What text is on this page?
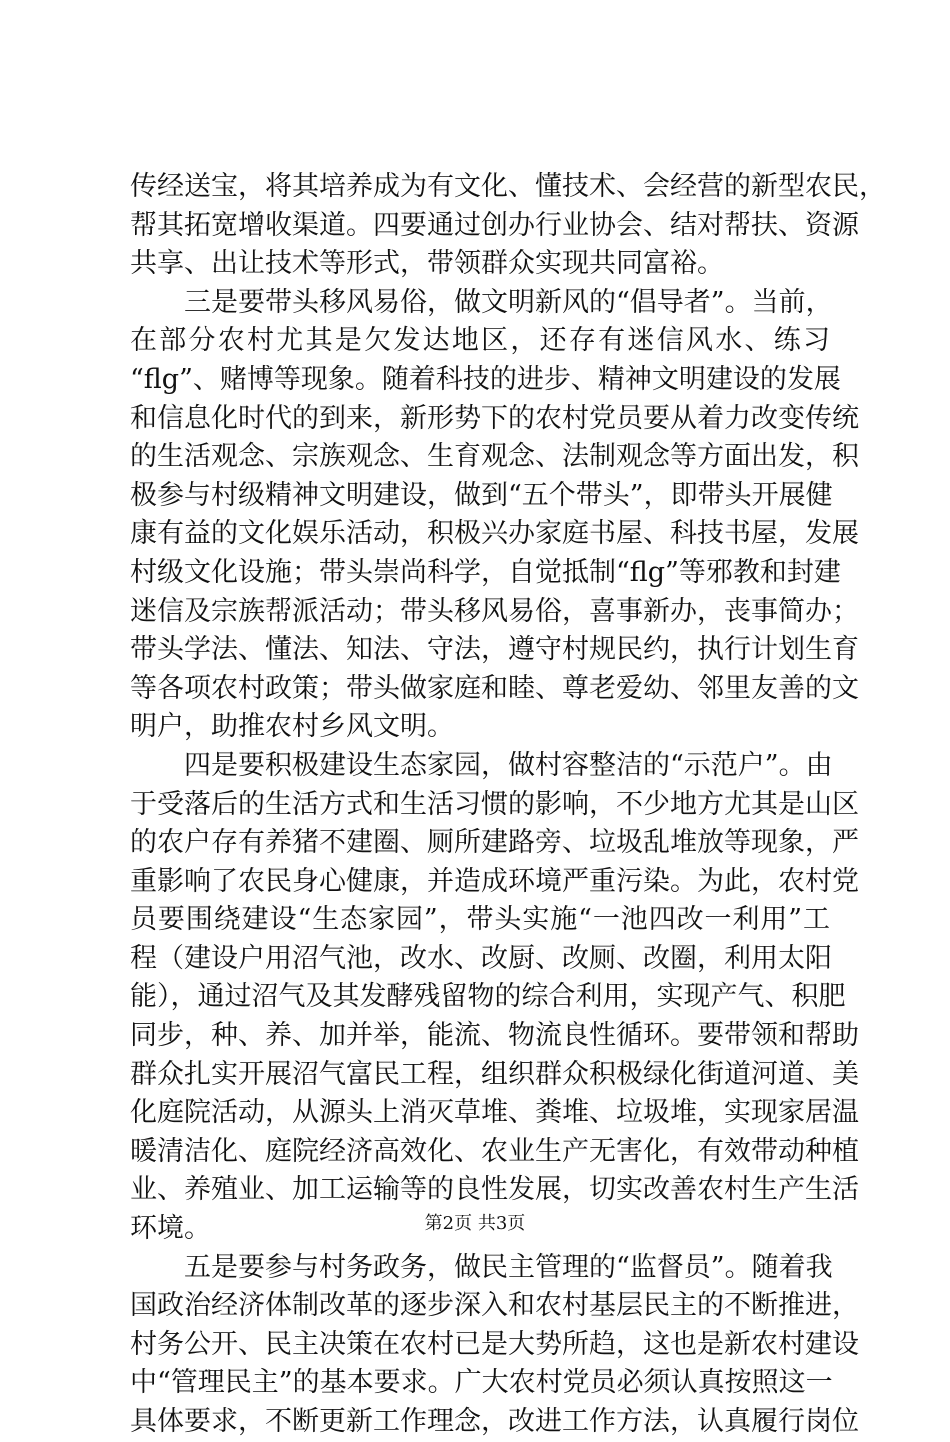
传经送宝，将其培养成为有文化、懂技术、会经营的新型农民，
帮其拓宽增收渠道。四要通过创办行业协会、结对帮扶、资源
共享、出让技术等形式，带领群众实现共同富裕。
三是要带头移风易俗，做文明新风的“倡导者”。当前，
在部分农村尤其是欠发达地区，还存有迷信风水、练习
“flg”、赌博等现象。随着科技的进步、精神文明建设的发展
和信息化时代的到来，新形势下的农村党员要从着力改变传统
的生活观念、宗族观念、生育观念、法制观念等方面出发，积
极参与村级精神文明建设，做到“五个带头”，即带头开展健
康有益的文化娱乐活动，积极兴办家庭书屋、科技书屋，发展
村级文化设施；带头崇尚科学，自觉抵制“flg”等邪教和封建
迷信及宗族帮派活动；带头移风易俗，喜事新办，丧事简办；
带头学法、懂法、知法、守法，遵守村规民约，执行计划生育
等各项农村政策；带头做家庭和睦、尊老爱幼、邻里友善的文
明户，助推农村乡风文明。
四是要积极建设生态家园，做村容整洁的“示范户”。由
于受落后的生活方式和生活习惯的影响，不少地方尤其是山区
的农户存有养猪不建圈、厕所建路旁、垃圾乱堆放等现象，严
重影响了农民身心健康，并造成环境严重污染。为此，农村党
员要围绕建设“生态家园”，带头实施“一池四改一利用”工
程（建设户用沼气池，改水、改厨、改厕、改圈，利用太阳
能），通过沼气及其发酵残留物的综合利用，实现产气、积肥
同步，种、养、加并举，能流、物流良性循环。要带领和帮助
群众扎实开展沼气富民工程，组织群众积极绿化街道河道、美
化庭院活动，从源头上消灭草堆、粪堆、垃圾堆，实现家居温
暖清洁化、庭院经济高效化、农业生产无害化，有效带动种植
业、养殖业、加工运输等的良性发展，切实改善农村生产生活
环境。
五是要参与村务政务，做民主管理的“监督员”。随着我
国政治经济体制改革的逐步深入和农村基层民主的不断推进，
村务公开、民主决策在农村已是大势所趋，这也是新农村建设
中“管理民主”的基本要求。广大农村党员必须认真按照这一
具体要求，不断更新工作理念，改进工作方法，认真履行岗位
第2页 共3页
